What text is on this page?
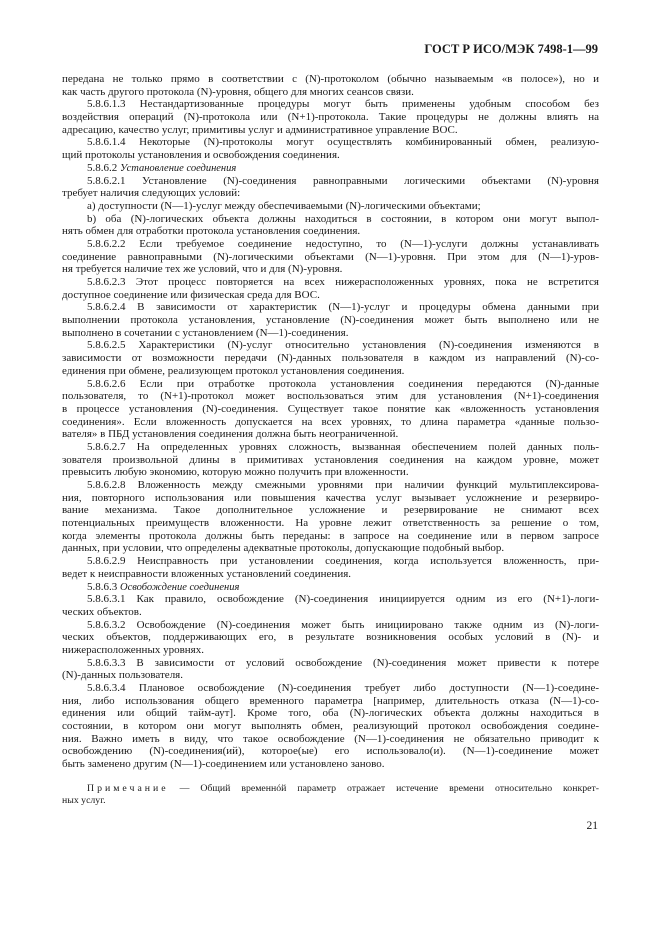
ГОСТ Р ИСО/МЭК 7498-1—99
передана не только прямо в соответствии с (N)-протоколом (обычно называемым «в полосе»), но и
как часть другого протокола (N)-уровня, общего для многих сеансов связи.
5.8.6.1.3 Нестандартизованные процедуры могут быть применены удобным способом без
воздействия операций (N)-протокола или (N+1)-протокола. Такие процедуры не должны влиять на
адресацию, качество услуг, примитивы услуг и административное управление ВОС.
5.8.6.1.4 Некоторые (N)-протоколы могут осуществлять комбинированный обмен, реализую-
щий протоколы установления и освобождения соединения.
5.8.6.2 Установление соединения
5.8.6.2.1 Установление (N)-соединения равноправными логическими объектами (N)-уровня
требует наличия следующих условий:
a) доступности (N—1)-услуг между обеспечиваемыми (N)-логическими объектами;
b) оба (N)-логических объекта должны находиться в состоянии, в котором они могут выпол-
нять обмен для отработки протокола установления соединения.
5.8.6.2.2 Если требуемое соединение недоступно, то (N—1)-услуги должны устанавливать
соединение равноправными (N)-логическими объектами (N—1)-уровня. При этом для (N—1)-уров-
ня требуется наличие тех же условий, что и для (N)-уровня.
5.8.6.2.3 Этот процесс повторяется на всех нижерасположенных уровнях, пока не встретится
доступное соединение или физическая среда для ВОС.
5.8.6.2.4 В зависимости от характеристик (N—1)-услуг и процедуры обмена данными при
выполнении протокола установления, установление (N)-соединения может быть выполнено или не
выполнено в сочетании с установлением (N—1)-соединения.
5.8.6.2.5 Характеристики (N)-услуг относительно установления (N)-соединения изменяются в
зависимости от возможности передачи (N)-данных пользователя в каждом из направлений (N)-со-
единения при обмене, реализующем протокол установления соединения.
5.8.6.2.6 Если при отработке протокола установления соединения передаются (N)-данные
пользователя, то (N+1)-протокол может воспользоваться этим для установления (N+1)-соединения
в процессе установления (N)-соединения. Существует такое понятие как «вложенность установления
соединения». Если вложенность допускается на всех уровнях, то длина параметра «данные пользо-
вателя» в ПБД установления соединения должна быть неограниченной.
5.8.6.2.7 На определенных уровнях сложность, вызванная обеспечением полей данных поль-
зователя произвольной длины в примитивах установления соединения на каждом уровне, может
превысить любую экономию, которую можно получить при вложенности.
5.8.6.2.8 Вложенность между смежными уровнями при наличии функций мультиплексирова-
ния, повторного использования или повышения качества услуг вызывает усложнение и резервиро-
вание механизма. Такое дополнительное усложнение и резервирование не снимают всех
потенциальных преимуществ вложенности. На уровне лежит ответственность за решение о том,
когда элементы протокола должны быть переданы: в запросе на соединение или в первом запросе
данных, при условии, что определены адекватные протоколы, допускающие подобный выбор.
5.8.6.2.9 Неисправность при установлении соединения, когда используется вложенность, при-
ведет к неисправности вложенных установлений соединения.
5.8.6.3 Освобождение соединения
5.8.6.3.1 Как правило, освобождение (N)-соединения инициируется одним из его (N+1)-логи-
ческих объектов.
5.8.6.3.2 Освобождение (N)-соединения может быть инициировано также одним из (N)-логи-
ческих объектов, поддерживающих его, в результате возникновения особых условий в (N)- и
нижерасположенных уровнях.
5.8.6.3.3 В зависимости от условий освобождение (N)-соединения может привести к потере
(N)-данных пользователя.
5.8.6.3.4 Плановое освобождение (N)-соединения требует либо доступности (N—1)-соедине-
ния, либо использования общего временного параметра [например, длительность отказа (N—1)-со-
единения или общий тайм-аут]. Кроме того, оба (N)-логических объекта должны находиться в
состоянии, в котором они могут выполнять обмен, реализующий протокол освобождения соедине-
ния. Важно иметь в виду, что такое освобождение (N—1)-соединения не обязательно приводит к
освобождению (N)-соединения(ий), которое(ые) его использовало(и). (N—1)-соединение может
быть заменено другим (N—1)-соединением или установлено заново.
Примечание — Общий временнóй параметр отражает истечение времени относительно конкрет-
ных услуг.
21
